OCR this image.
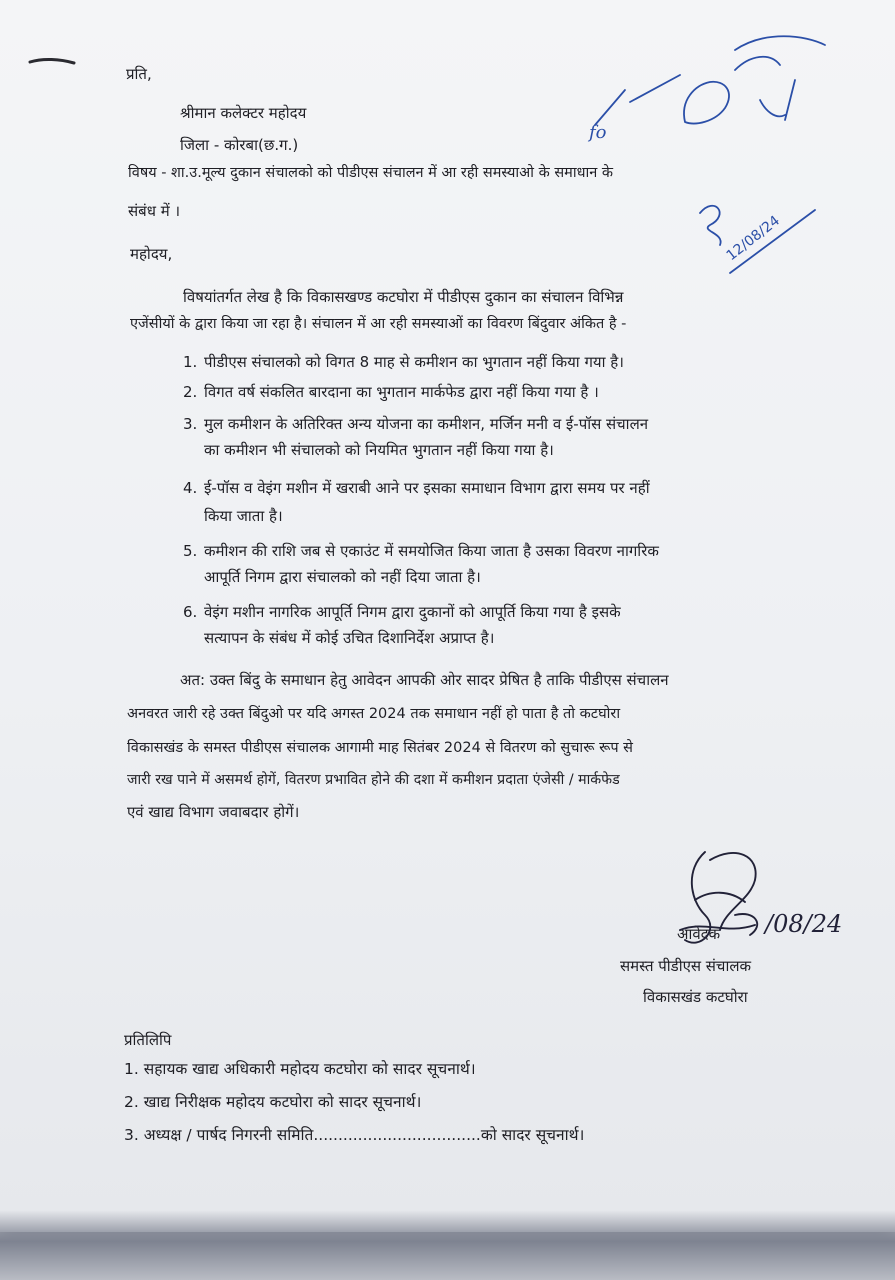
प्रति,
श्रीमान कलेक्टर महोदय
जिला - कोरबा(छ.ग.)
विषय - शा.उ.मूल्य दुकान संचालको को पीडीएस संचालन में आ रही समस्याओ के समाधान के
संबंध में ।
महोदय,
विषयांतर्गत लेख है कि विकासखण्ड कटघोरा में पीडीएस दुकान का संचालन विभिन्न
एजेंसीयों के द्वारा किया जा रहा है। संचालन में आ रही समस्याओं का विवरण बिंदुवार अंकित है -
1. पीडीएस संचालको को विगत 8 माह से कमीशन का भुगतान नहीं किया गया है।
2. विगत वर्ष संकलित बारदाना का भुगतान मार्कफेड द्वारा नहीं किया गया है ।
3. मुल कमीशन के अतिरिक्त अन्य योजना का कमीशन, मर्जिन मनी व ई-पॉस संचालन
का कमीशन भी संचालको को नियमित भुगतान नहीं किया गया है।
4. ई-पॉस व वेइंग मशीन में खराबी आने पर इसका समाधान विभाग द्वारा समय पर नहीं
किया जाता है।
5. कमीशन की राशि जब से एकाउंट में समयोजित किया जाता है उसका विवरण नागरिक
आपूर्ति निगम द्वारा संचालको को नहीं दिया जाता है।
6. वेइंग मशीन नागरिक आपूर्ति निगम द्वारा दुकानों को आपूर्ति किया गया है इसके
सत्यापन के संबंध में कोई उचित दिशानिर्देश अप्राप्त है।
अत: उक्त बिंदु के समाधान हेतु आवेदन आपकी ओर सादर प्रेषित है ताकि पीडीएस संचालन
अनवरत जारी रहे उक्त बिंदुओ पर यदि अगस्त 2024 तक समाधान नहीं हो पाता है तो कटघोरा
विकासखंड के समस्त पीडीएस संचालक आगामी माह सितंबर 2024 से वितरण को सुचारू रूप से
जारी रख पाने में असमर्थ होगें, वितरण प्रभावित होने की दशा में कमीशन प्रदाता एंजेसी / मार्कफेड
एवं खाद्य विभाग जवाबदार होगें।
आवेदक
समस्त पीडीएस संचालक
विकासखंड कटघोरा
प्रतिलिपि
1. सहायक खाद्य अधिकारी महोदय कटघोरा को सादर सूचनार्थ।
2. खाद्य निरीक्षक महोदय कटघोरा को सादर सूचनार्थ।
3. अध्यक्ष / पार्षद निगरनी समिति..................................को सादर सूचनार्थ।
fo
12/08/24
/08/24
